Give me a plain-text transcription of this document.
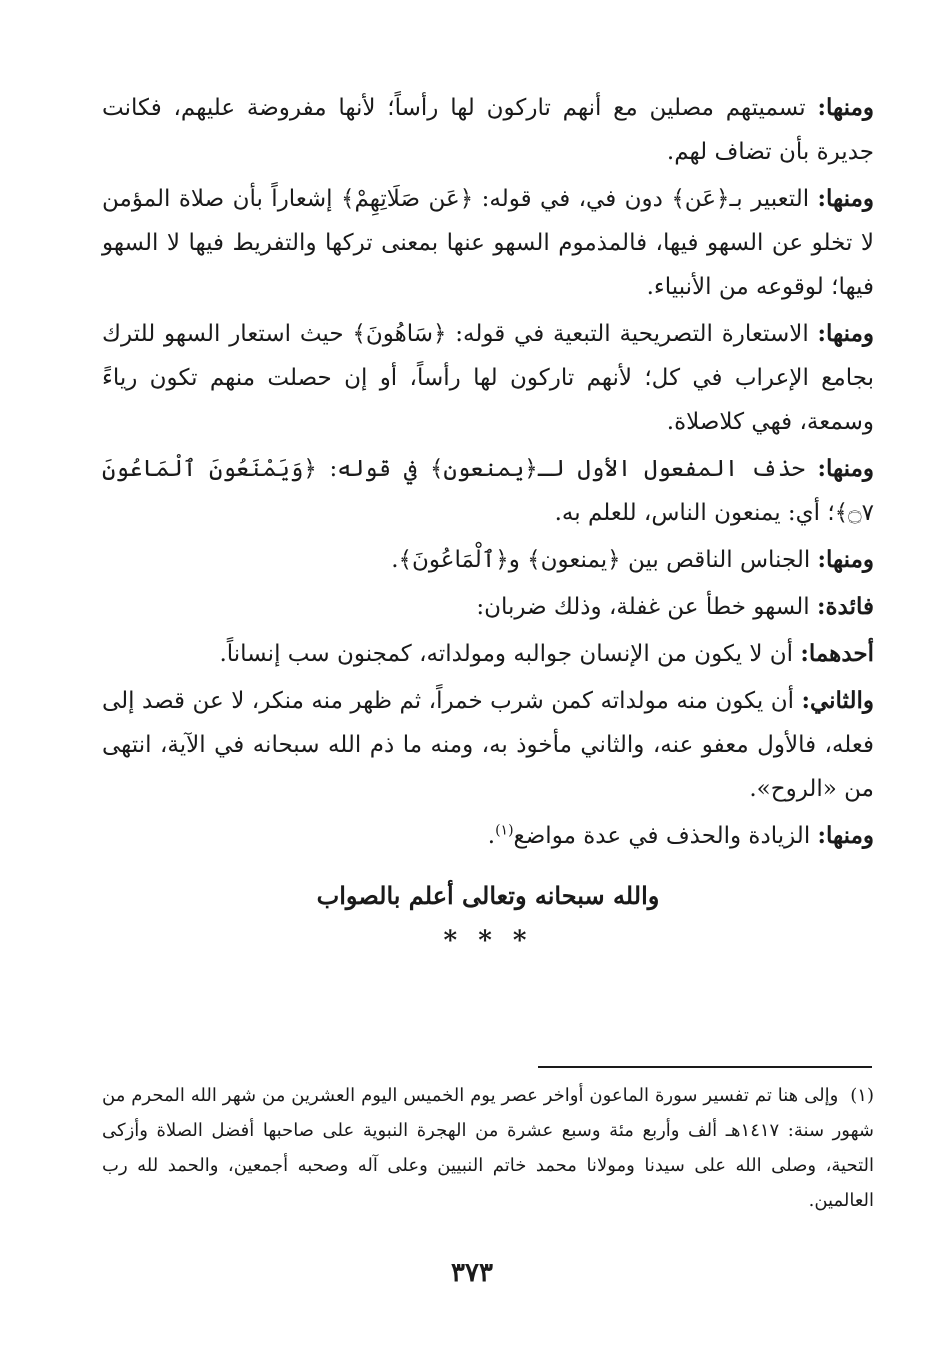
ومنها: تسميتهم مصلين مع أنهم تاركون لها رأساً؛ لأنها مفروضة عليهم، فكانت جديرة بأن تضاف لهم.

ومنها: التعبير بـ﴿عَن﴾ دون في، في قوله: ﴿عَن صَلَاتِهِمْ﴾ إشعاراً بأن صلاة المؤمن لا تخلو عن السهو فيها، فالمذموم السهو عنها بمعنى تركها والتفريط فيها لا السهو فيها؛ لوقوعه من الأنبياء.

ومنها: الاستعارة التصريحية التبعية في قوله: ﴿سَاهُونَ﴾ حيث استعار السهو للترك بجامع الإعراب في كل؛ لأنهم تاركون لها رأساً، أو إن حصلت منهم تكون رياءً وسمعة، فهي كلاصلاة.

ومنها: حذف المفعول الأول لـ﴿يمنعون﴾ في قوله: ﴿وَيَمْنَعُونَ ٱلْمَاعُونَ ۝٧﴾؛ أي: يمنعون الناس، للعلم به.

ومنها: الجناس الناقص بين ﴿يمنعون﴾ و﴿ٱلْمَاعُونَ﴾.

فائدة: السهو خطأ عن غفلة، وذلك ضربان:

أحدهما: أن لا يكون من الإنسان جوالبه ومولداته، كمجنون سب إنساناً.

والثاني: أن يكون منه مولداته كمن شرب خمراً، ثم ظهر منه منكر، لا عن قصد إلى فعله، فالأول معفو عنه، والثاني مأخوذ به، ومنه ما ذم الله سبحانه في الآية، انتهى من «الروح».

ومنها: الزيادة والحذف في عدة مواضع$^{(١)}$.

والله سبحانه وتعالى أعلم بالصواب
* * *
(١)وإلى هنا تم تفسير سورة الماعون أواخر عصر يوم الخميس اليوم العشرين من شهر الله المحرم من شهور سنة: ١٤١٧هـ ألف وأربع مئة وسبع عشرة من الهجرة النبوية على صاحبها أفضل الصلاة وأزكى التحية، وصلى الله على سيدنا ومولانا محمد خاتم النبيين وعلى آله وصحبه أجمعين، والحمد لله رب العالمين.
٣٧٣
